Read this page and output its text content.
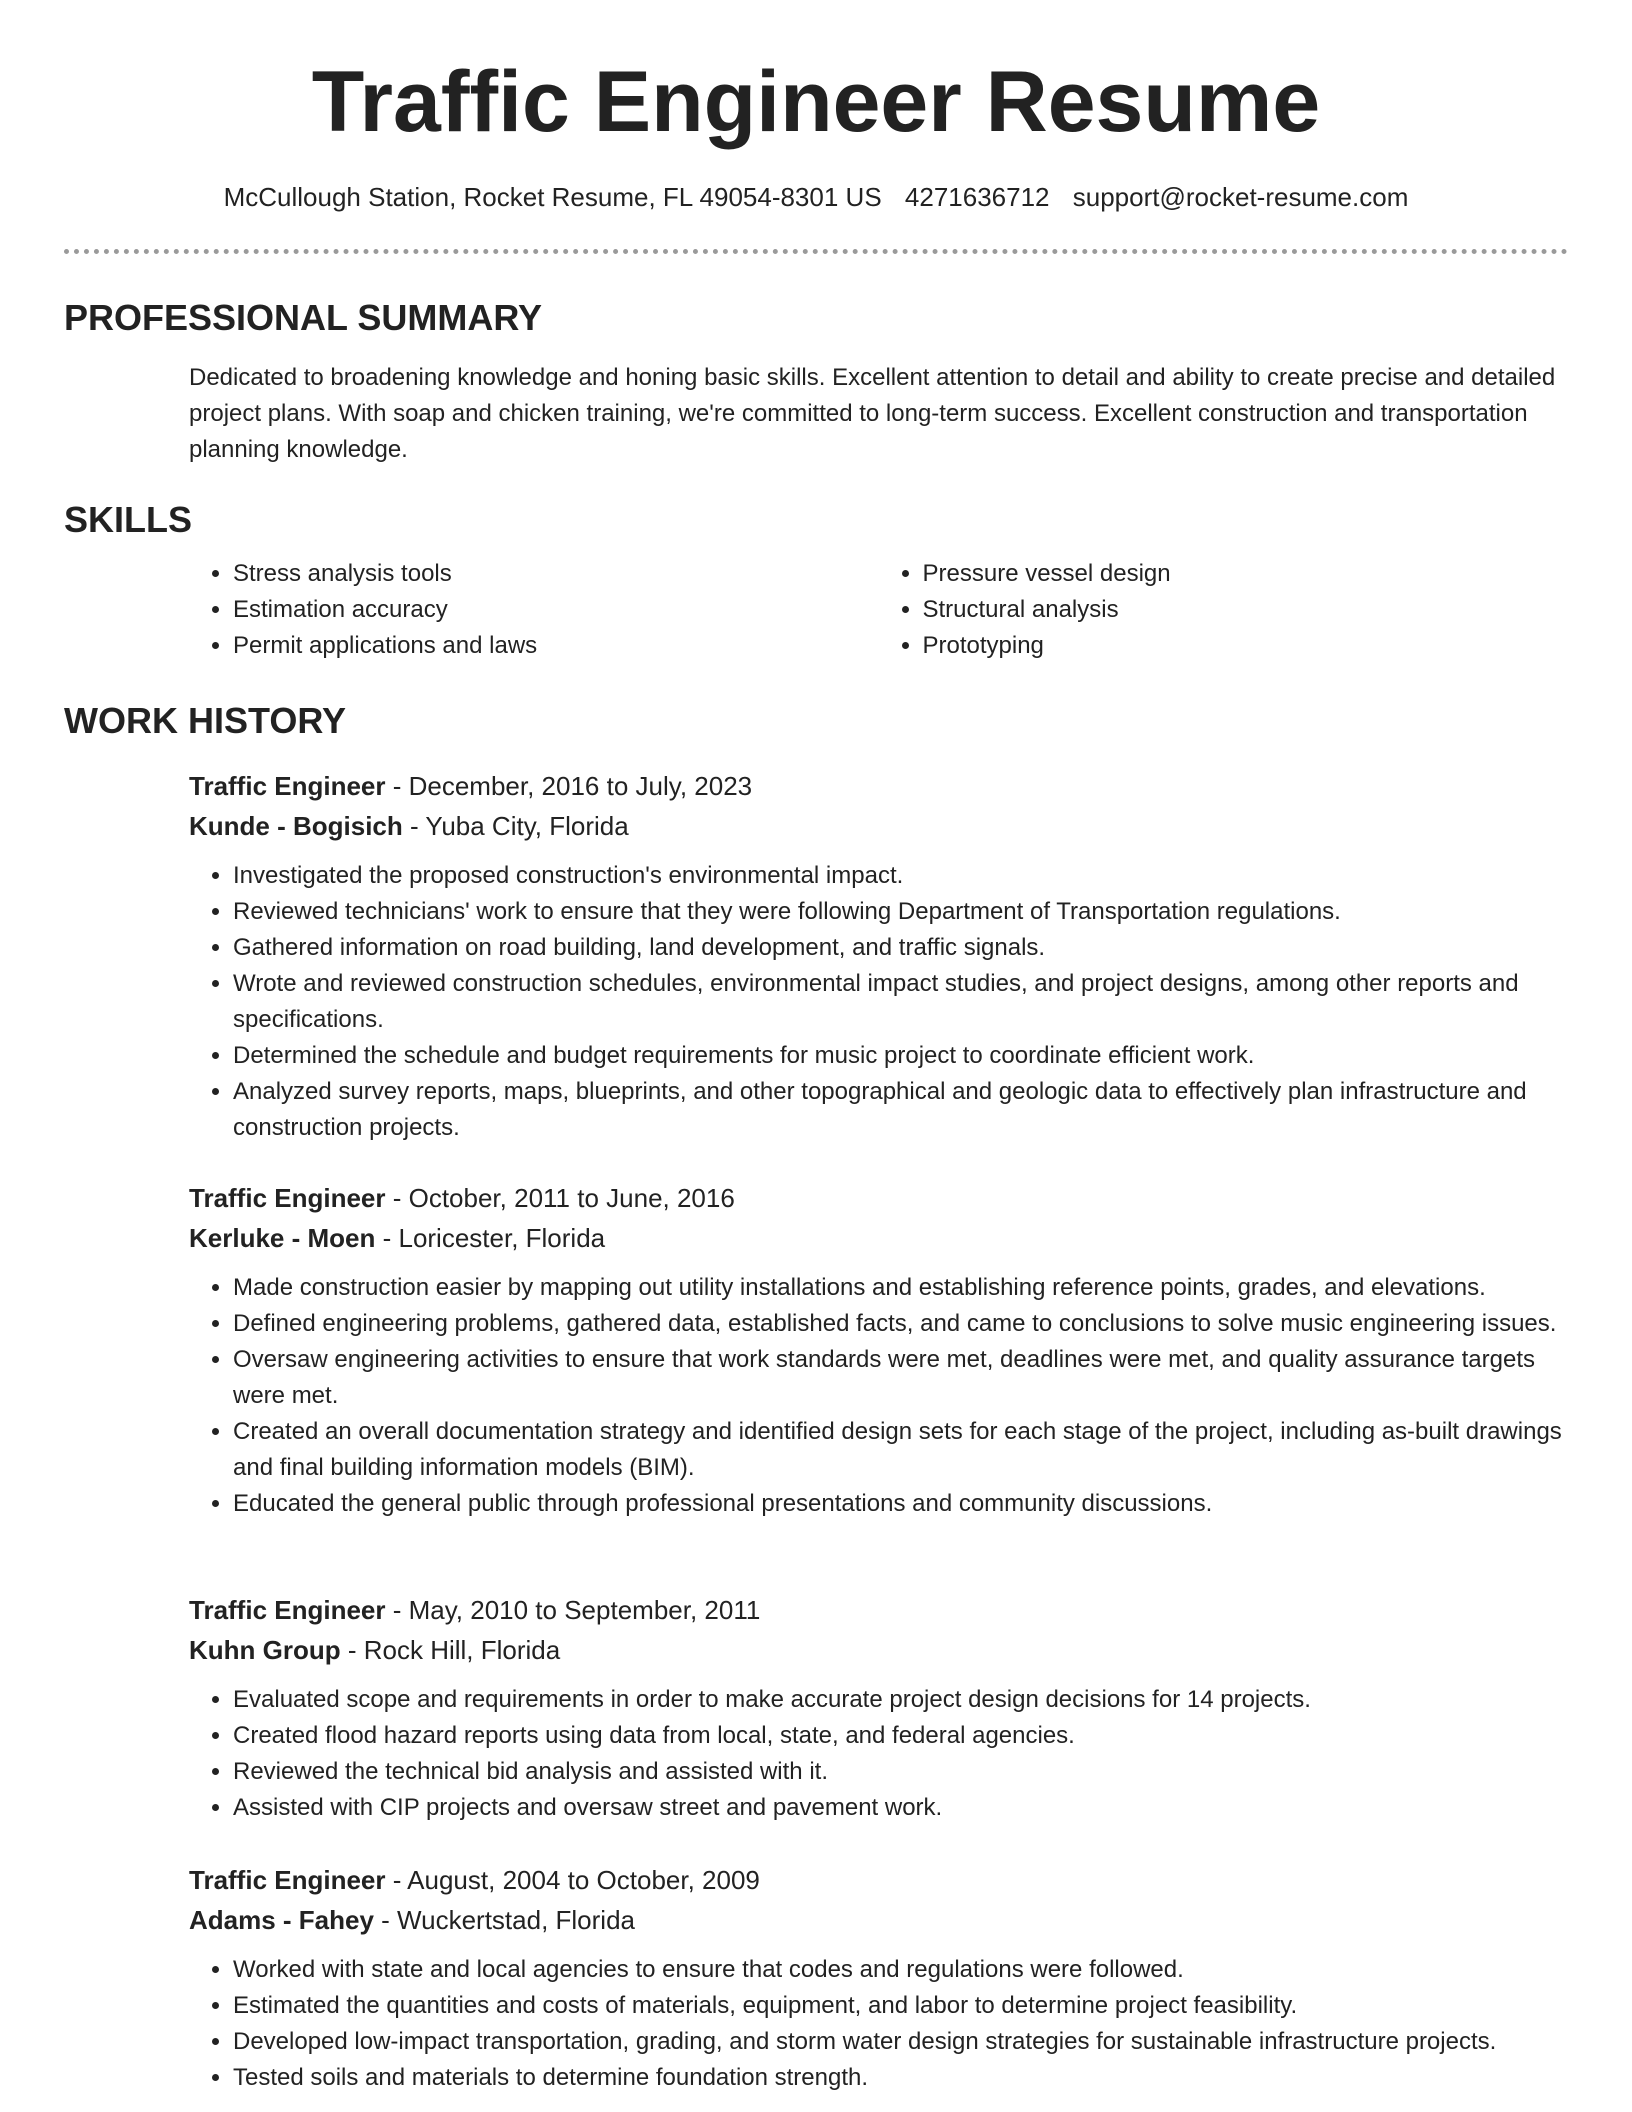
Traffic Engineer Resume
McCullough Station, Rocket Resume, FL 49054-8301 US 4271636712 support@rocket-resume.com
PROFESSIONAL SUMMARY
Dedicated to broadening knowledge and honing basic skills. Excellent attention to detail and ability to create precise and detailed project plans. With soap and chicken training, we're committed to long-term success. Excellent construction and transportation planning knowledge.
SKILLS
• Stress analysis tools
• Estimation accuracy
• Permit applications and laws
• Pressure vessel design
• Structural analysis
• Prototyping
WORK HISTORY
Traffic Engineer - December, 2016 to July, 2023
Kunde - Bogisich - Yuba City, Florida
• Investigated the proposed construction's environmental impact.
• Reviewed technicians' work to ensure that they were following Department of Transportation regulations.
• Gathered information on road building, land development, and traffic signals.
• Wrote and reviewed construction schedules, environmental impact studies, and project designs, among other reports and specifications.
• Determined the schedule and budget requirements for music project to coordinate efficient work.
• Analyzed survey reports, maps, blueprints, and other topographical and geologic data to effectively plan infrastructure and construction projects.
Traffic Engineer - October, 2011 to June, 2016
Kerluke - Moen - Loricester, Florida
• Made construction easier by mapping out utility installations and establishing reference points, grades, and elevations.
• Defined engineering problems, gathered data, established facts, and came to conclusions to solve music engineering issues.
• Oversaw engineering activities to ensure that work standards were met, deadlines were met, and quality assurance targets were met.
• Created an overall documentation strategy and identified design sets for each stage of the project, including as-built drawings and final building information models (BIM).
• Educated the general public through professional presentations and community discussions.
Traffic Engineer - May, 2010 to September, 2011
Kuhn Group - Rock Hill, Florida
• Evaluated scope and requirements in order to make accurate project design decisions for 14 projects.
• Created flood hazard reports using data from local, state, and federal agencies.
• Reviewed the technical bid analysis and assisted with it.
• Assisted with CIP projects and oversaw street and pavement work.
Traffic Engineer - August, 2004 to October, 2009
Adams - Fahey - Wuckertstad, Florida
• Worked with state and local agencies to ensure that codes and regulations were followed.
• Estimated the quantities and costs of materials, equipment, and labor to determine project feasibility.
• Developed low-impact transportation, grading, and storm water design strategies for sustainable infrastructure projects.
• Tested soils and materials to determine foundation strength.
